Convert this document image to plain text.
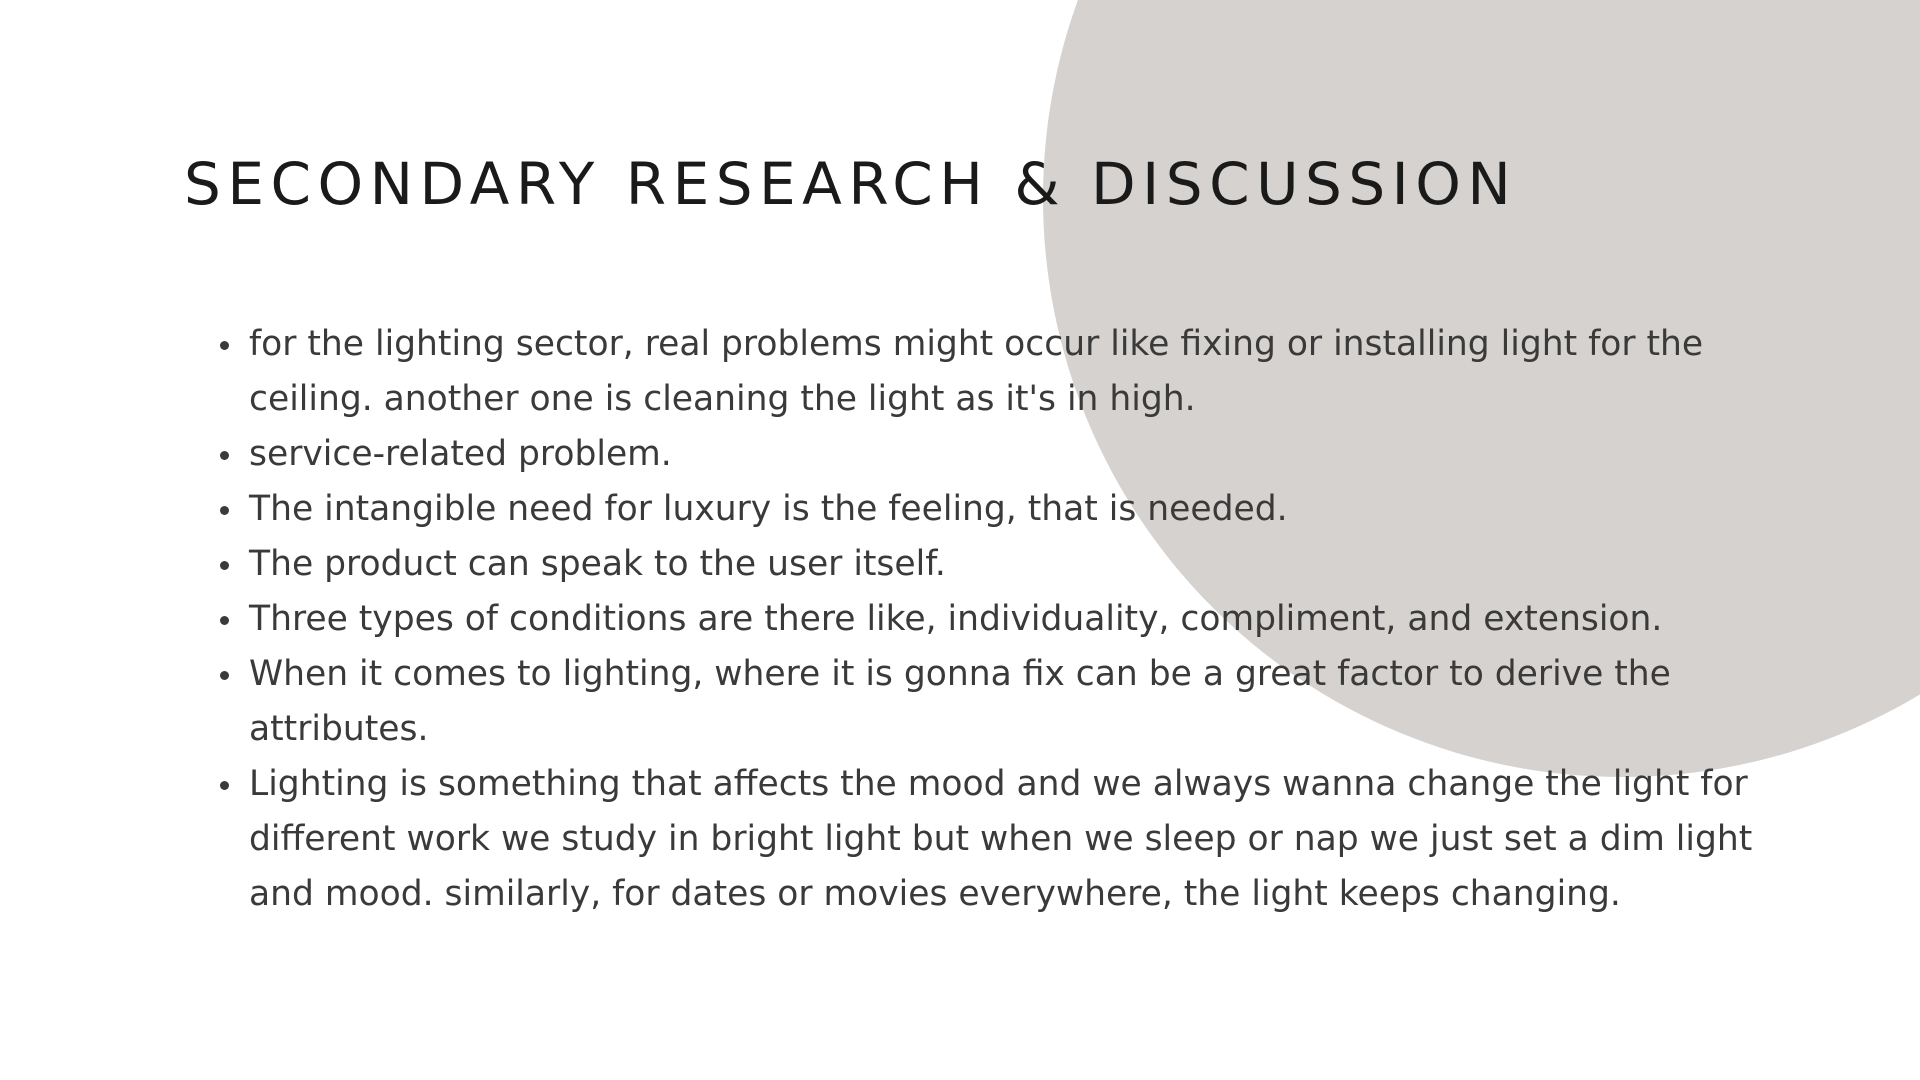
SECONDARY RESEARCH & DISCUSSION
for the lighting sector, real problems might occur like fixing or installing light for the ceiling. another one is cleaning the light as it's in high.
service-related problem.
The intangible need for luxury is the feeling, that is needed.
The product can speak to the user itself.
Three types of conditions are there like, individuality, compliment, and extension.
When it comes to lighting, where it is gonna fix can be a great factor to derive the attributes.
Lighting is something that affects the mood and we always wanna change the light for different work we study in bright light but when we sleep or nap we just set a dim light and mood. similarly, for dates or movies everywhere, the light keeps changing.
